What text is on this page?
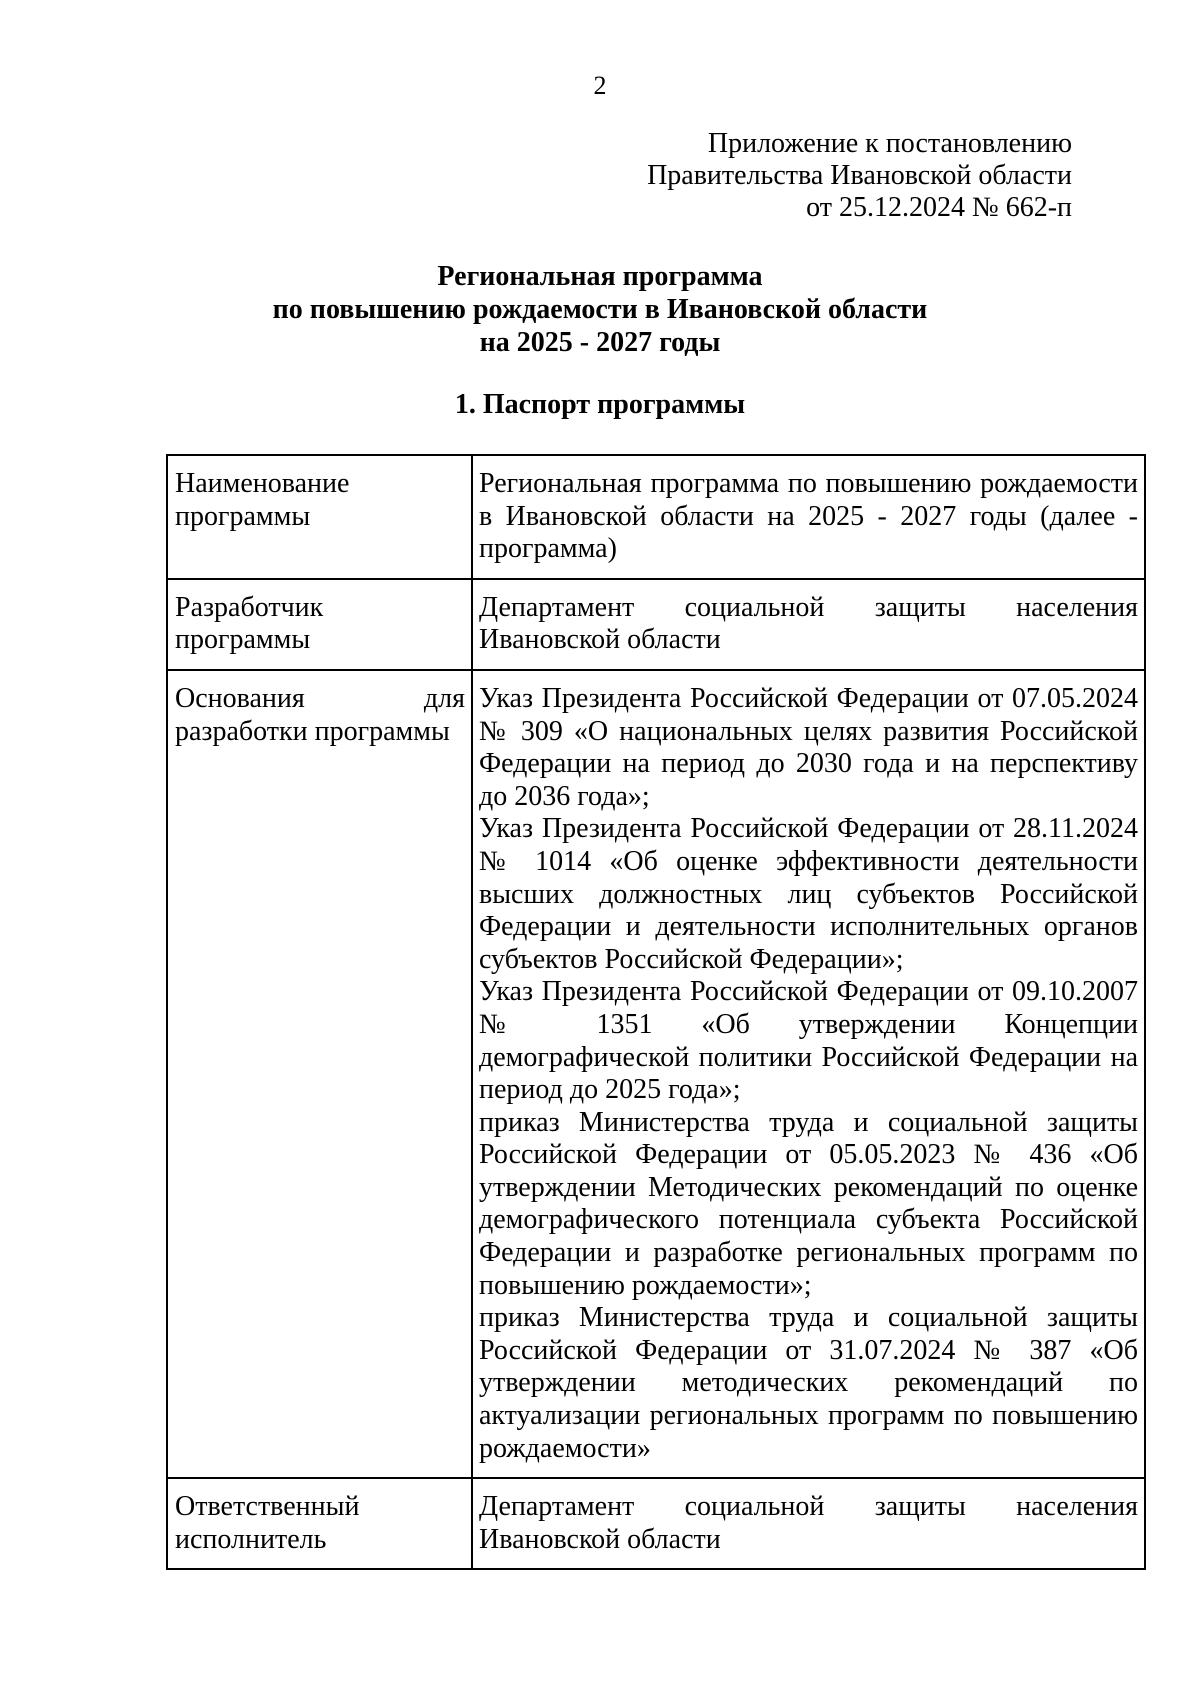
2
Приложение к постановлению
Правительства Ивановской области
от 25.12.2024 № 662-п
Региональная программа
по повышению рождаемости в Ивановской области
на 2025 - 2027 годы
1. Паспорт программы
Наименование программы	Региональная программа по повышению рождаемости в Ивановской области на 2025 - 2027 годы (далее - программа)

Разработчик программы	Департамент социальной защиты населения Ивановской области

Основания для разработки программы	Указ Президента Российской Федерации от 07.05.2024 № 309 «О национальных целях развития Российской Федерации на период до 2030 года и на перспективу до 2036 года»;
Указ Президента Российской Федерации от 28.11.2024 № 1014 «Об оценке эффективности деятельности высших должностных лиц субъектов Российской Федерации и деятельности исполнительных органов субъектов Российской Федерации»;
Указ Президента Российской Федерации от 09.10.2007 № 1351 «Об утверждении Концепции демографической политики Российской Федерации на период до 2025 года»;
приказ Министерства труда и социальной защиты Российской Федерации от 05.05.2023 № 436 «Об утверждении Методических рекомендаций по оценке демографического потенциала субъекта Российской Федерации и разработке региональных программ по повышению рождаемости»;
приказ Министерства труда и социальной защиты Российской Федерации от 31.07.2024 № 387 «Об утверждении методических рекомендаций по актуализации региональных программ по повышению рождаемости»

Ответственный исполнитель	Департамент социальной защиты населения Ивановской области
